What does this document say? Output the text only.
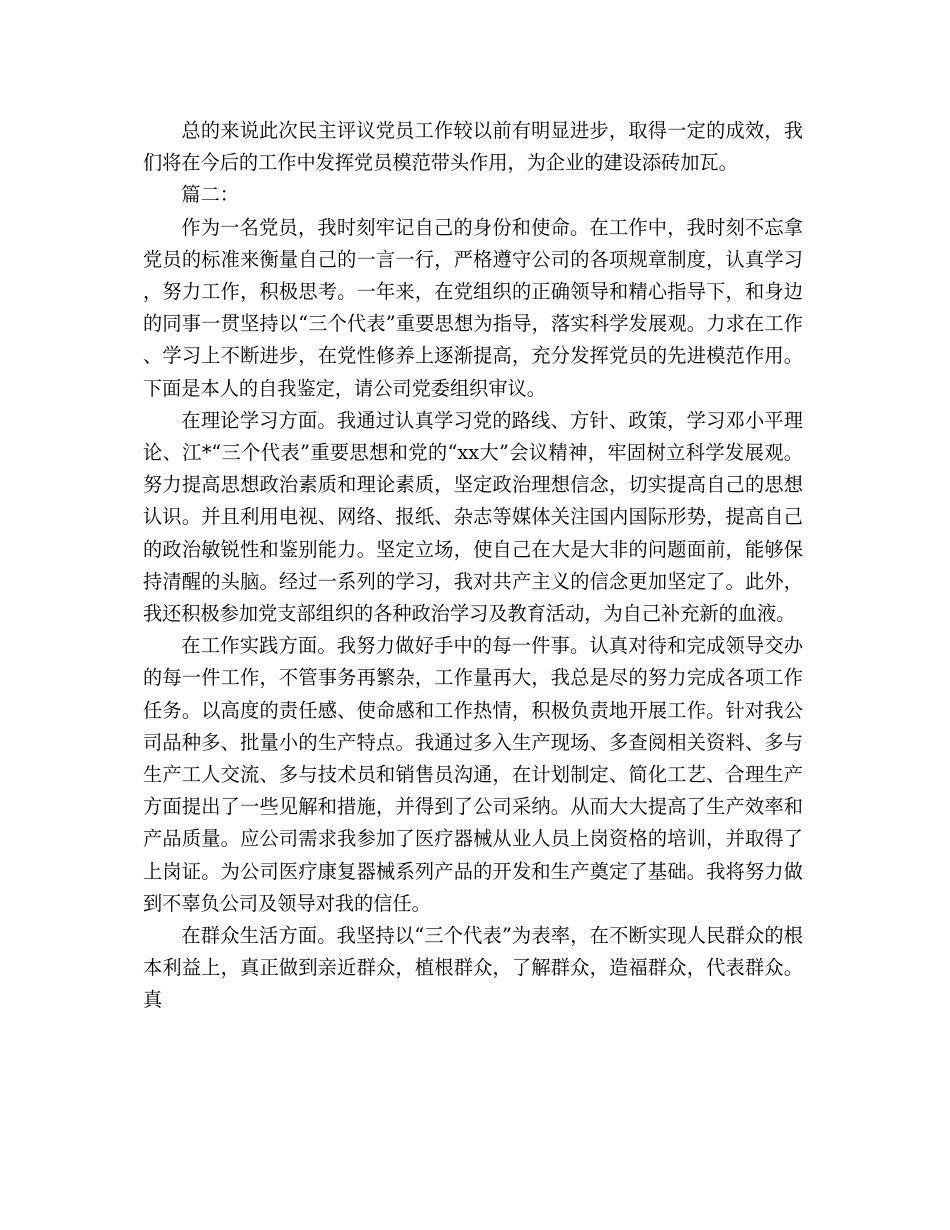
总的来说此次民主评议党员工作较以前有明显进步，取得一定的成效，我们将在今后的工作中发挥党员模范带头作用，为企业的建设添砖加瓦。

篇二：

作为一名党员，我时刻牢记自己的身份和使命。在工作中，我时刻不忘拿党员的标准来衡量自己的一言一行，严格遵守公司的各项规章制度，认真学习，努力工作，积极思考。一年来，在党组织的正确领导和精心指导下，和身边的同事一贯坚持以“三个代表”重要思想为指导，落实科学发展观。力求在工作、学习上不断进步，在党性修养上逐渐提高，充分发挥党员的先进模范作用。下面是本人的自我鉴定，请公司党委组织审议。

在理论学习方面。我通过认真学习党的路线、方针、政策，学习邓小平理论、江*“三个代表”重要思想和党的“xx大”会议精神，牢固树立科学发展观。努力提高思想政治素质和理论素质，坚定政治理想信念，切实提高自己的思想认识。并且利用电视、网络、报纸、杂志等媒体关注国内国际形势，提高自己的政治敏锐性和鉴别能力。坚定立场，使自己在大是大非的问题面前，能够保持清醒的头脑。经过一系列的学习，我对共产主义的信念更加坚定了。此外，我还积极参加党支部组织的各种政治学习及教育活动，为自己补充新的血液。

在工作实践方面。我努力做好手中的每一件事。认真对待和完成领导交办的每一件工作，不管事务再繁杂，工作量再大，我总是尽的努力完成各项工作任务。以高度的责任感、使命感和工作热情，积极负责地开展工作。针对我公司品种多、批量小的生产特点。我通过多入生产现场、多查阅相关资料、多与生产工人交流、多与技术员和销售员沟通，在计划制定、简化工艺、合理生产方面提出了一些见解和措施，并得到了公司采纳。从而大大提高了生产效率和产品质量。应公司需求我参加了医疗器械从业人员上岗资格的培训，并取得了上岗证。为公司医疗康复器械系列产品的开发和生产奠定了基础。我将努力做到不辜负公司及领导对我的信任。

在群众生活方面。我坚持以“三个代表”为表率，在不断实现人民群众的根本利益上，真正做到亲近群众，植根群众，了解群众，造福群众，代表群众。真
